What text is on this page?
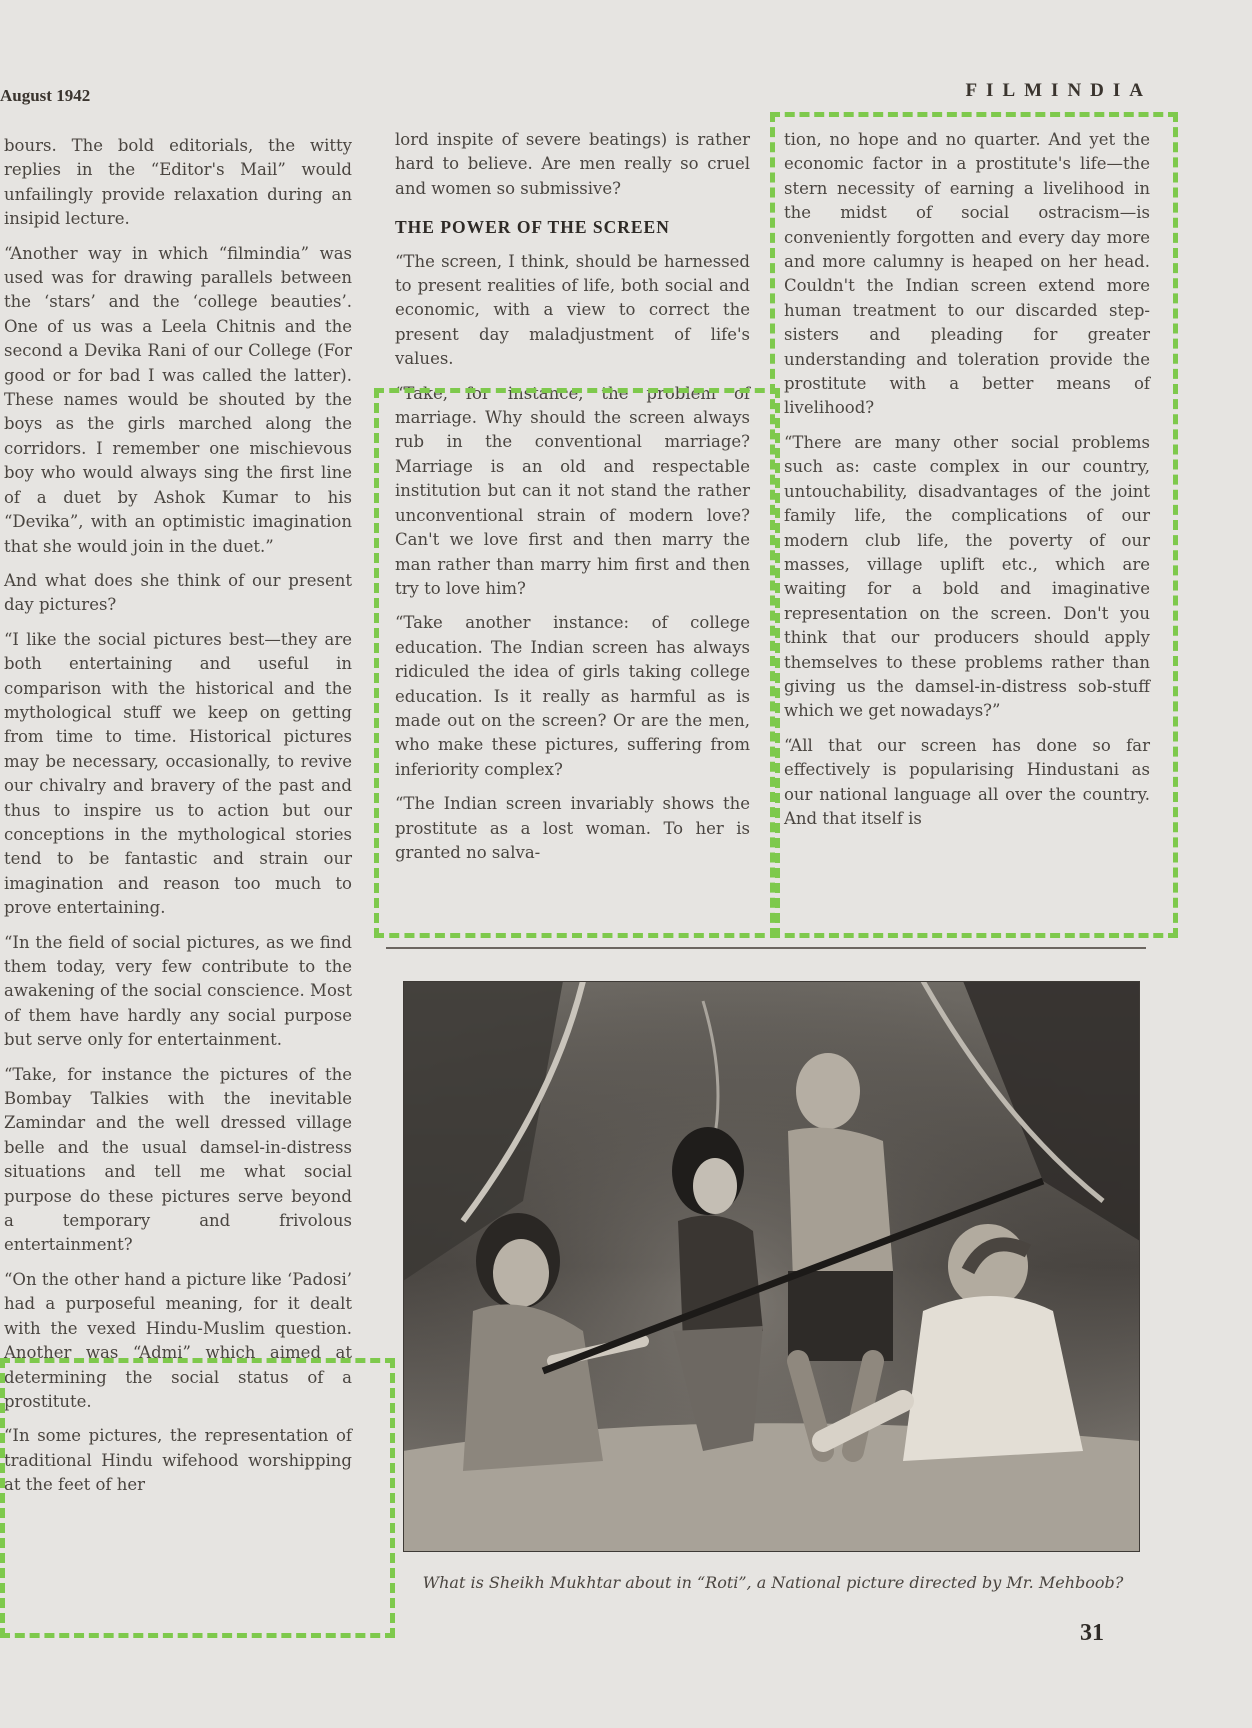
August 1942	FILMINDIA

bours. The bold editorials, the witty replies in the “Editor's Mail” would unfailingly provide relaxation during an insipid lecture.

“Another way in which “filmindia” was used was for drawing parallels between the ‘stars’ and the ‘college beauties’. One of us was a Leela Chitnis and the second a Devika Rani of our College (For good or for bad I was called the latter). These names would be shouted by the boys as the girls marched along the corridors. I remember one mischievous boy who would always sing the first line of a duet by Ashok Kumar to his “Devika”, with an optimistic imagination that she would join in the duet.”

And what does she think of our present day pictures?

“I like the social pictures best—they are both entertaining and useful in comparison with the historical and the mythological stuff we keep on getting from time to time. Historical pictures may be necessary, occasionally, to revive our chivalry and bravery of the past and thus to inspire us to action but our conceptions in the mythological stories tend to be fantastic and strain our imagination and reason too much to prove entertaining.

“In the field of social pictures, as we find them today, very few contribute to the awakening of the social conscience. Most of them have hardly any social purpose but serve only for entertainment.

“Take, for instance the pictures of the Bombay Talkies with the inevitable Zamindar and the well dressed village belle and the usual damsel-in-distress situations and tell me what social purpose do these pictures serve beyond a temporary and frivolous entertainment?

“On the other hand a picture like ‘Padosi’ had a purposeful meaning, for it dealt with the vexed Hindu-Muslim question. Another was “Admi” which aimed at determining the social status of a prostitute.

“In some pictures, the representation of traditional Hindu wifehood worshipping at the feet of her

lord inspite of severe beatings) is rather hard to believe. Are men really so cruel and women so submissive?

THE POWER OF THE SCREEN

“The screen, I think, should be harnessed to present realities of life, both social and economic, with a view to correct the present day maladjustment of life's values.

“Take, for instance, the problem of marriage. Why should the screen always rub in the conventional marriage? Marriage is an old and respectable institution but can it not stand the rather unconventional strain of modern love? Can't we love first and then marry the man rather than marry him first and then try to love him?

“Take another instance: of college education. The Indian screen has always ridiculed the idea of girls taking college education. Is it really as harmful as is made out on the screen? Or are the men, who make these pictures, suffering from inferiority complex?

“The Indian screen invariably shows the prostitute as a lost woman. To her is granted no salva-

tion, no hope and no quarter. And yet the economic factor in a prostitute's life—the stern necessity of earning a livelihood in the midst of social ostracism—is conveniently forgotten and every day more and more calumny is heaped on her head. Couldn't the Indian screen extend more human treatment to our discarded step-sisters and pleading for greater understanding and toleration provide the prostitute with a better means of livelihood?

“There are many other social problems such as: caste complex in our country, untouchability, disadvantages of the joint family life, the complications of our modern club life, the poverty of our masses, village uplift etc., which are waiting for a bold and imaginative representation on the screen. Don't you think that our producers should apply themselves to these problems rather than giving us the damsel-in-distress sob-stuff which we get nowadays?”

“All that our screen has done so far effectively is popularising Hindustani as our national language all over the country. And that itself is

What is Sheikh Mukhtar about in “Roti”, a National picture directed by Mr. Mehboob?
31
